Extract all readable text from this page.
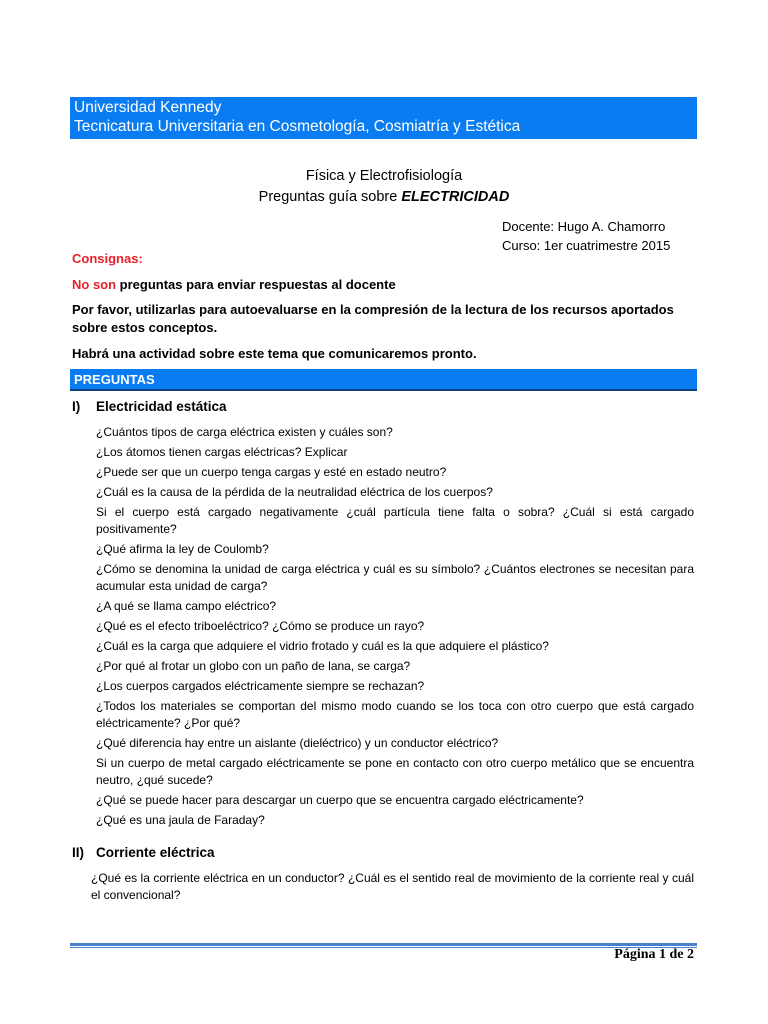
Universidad Kennedy
Tecnicatura Universitaria en Cosmetología, Cosmiatría y Estética
Física y Electrofisiología
Preguntas guía sobre ELECTRICIDAD
Docente: Hugo A. Chamorro
Curso: 1er cuatrimestre 2015
Consignas:
No son preguntas para enviar respuestas al docente
Por favor, utilizarlas para autoevaluarse en la compresión de la lectura de los recursos aportados sobre estos conceptos.
Habrá una actividad sobre este tema que comunicaremos pronto.
PREGUNTAS
I) Electricidad estática
¿Cuántos tipos de carga eléctrica existen y cuáles son?
¿Los átomos tienen cargas eléctricas? Explicar
¿Puede ser que un cuerpo tenga cargas y esté en estado neutro?
¿Cuál es la causa de la pérdida de la neutralidad eléctrica de los cuerpos?
Si el cuerpo está cargado negativamente ¿cuál partícula tiene falta o sobra? ¿Cuál si está cargado positivamente?
¿Qué afirma la ley de Coulomb?
¿Cómo se denomina la unidad de carga eléctrica y cuál es su símbolo? ¿Cuántos electrones se necesitan para acumular esta unidad de carga?
¿A qué se llama campo eléctrico?
¿Qué es el efecto triboeléctrico? ¿Cómo se produce un rayo?
¿Cuál es la carga que adquiere el vidrio frotado y cuál es la que adquiere el plástico?
¿Por qué al frotar un globo con un paño de lana, se carga?
¿Los cuerpos cargados eléctricamente siempre se rechazan?
¿Todos los materiales se comportan del mismo modo cuando se los toca con otro cuerpo que está cargado eléctricamente? ¿Por qué?
¿Qué diferencia hay entre un aislante (dieléctrico) y un conductor eléctrico?
Si un cuerpo de metal cargado eléctricamente se pone en contacto con otro cuerpo metálico que se encuentra neutro, ¿qué sucede?
¿Qué se puede hacer para descargar un cuerpo que se encuentra cargado eléctricamente?
¿Qué es una jaula de Faraday?
II) Corriente eléctrica
¿Qué es la corriente eléctrica en un conductor? ¿Cuál es el sentido real de movimiento de la corriente real y cuál el convencional?
Página 1 de 2
